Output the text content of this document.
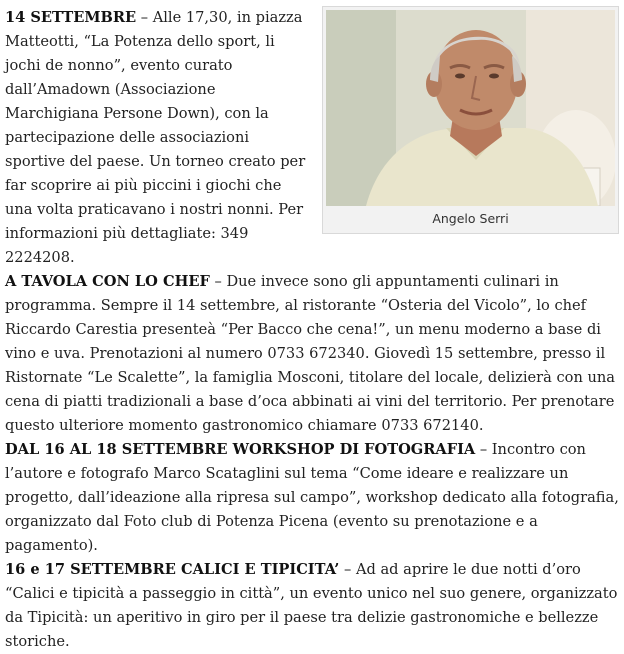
Angelo Serri

14 SETTEMBRE – Alle 17,30, in piazza Matteotti, “La Potenza dello sport, li jochi de nonno”, evento curato dall’Amadown (Associazione Marchigiana Persone Down), con la partecipazione delle associazioni sportive del paese. Un torneo creato per far scoprire ai più piccini i giochi che una volta praticavano i nostri nonni. Per informazioni più dettagliate: 349 2224208.

A TAVOLA CON LO CHEF – Due invece sono gli appuntamenti culinari in programma. Sempre il 14 settembre, al ristorante “Osteria del Vicolo”, lo chef Riccardo Carestia presenteà “Per Bacco che cena!”, un menu moderno a base di vino e uva. Prenotazioni al numero 0733 672340. Giovedì 15 settembre, presso il Ristornate “Le Scalette”, la famiglia Mosconi, titolare del locale, delizierà con una cena di piatti tradizionali a base d’oca abbinati ai vini del territorio. Per prenotare questo ulteriore momento gastronomico chiamare 0733 672140.

DAL 16 AL 18 SETTEMBRE WORKSHOP DI FOTOGRAFIA – Incontro con l’autore e fotografo Marco Scataglini sul tema “Come ideare e realizzare un progetto, dall’ideazione alla ripresa sul campo”, workshop dedicato alla fotografia, organizzato dal Foto club di Potenza Picena (evento su prenotazione e a pagamento).

16 e 17 SETTEMBRE CALICI E TIPICITA’ – Ad ad aprire le due notti d’oro “Calici e tipicità a passeggio in città”, un evento unico nel suo genere, organizzato da Tipicità: un aperitivo in giro per il paese tra delizie gastronomiche e bellezze storiche.
